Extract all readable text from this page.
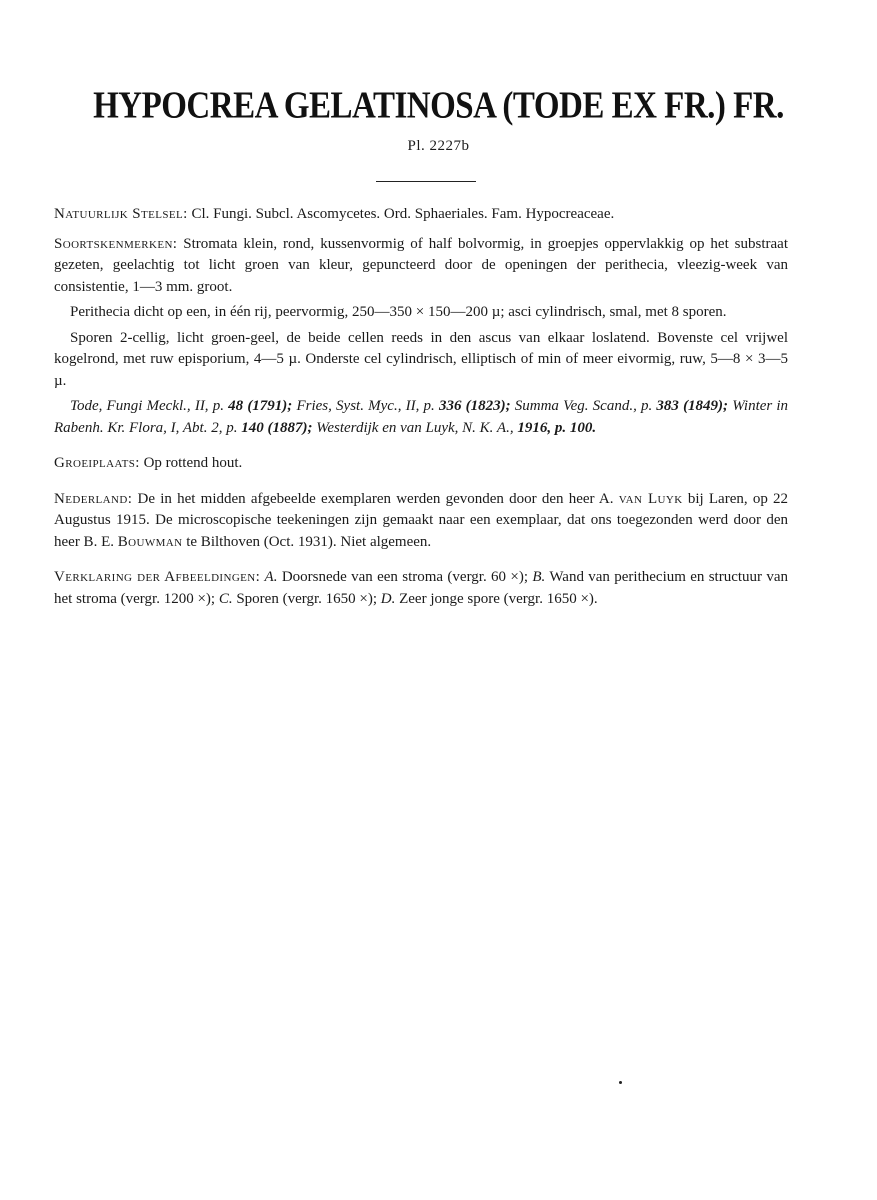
HYPOCREA GELATINOSA (TODE EX FR.) FR.
Pl. 2227b

Natuurlijk Stelsel: Cl. Fungi. Subcl. Ascomycetes. Ord. Sphaeriales. Fam. Hypocreaceae.

Soortskenmerken: Stromata klein, rond, kussenvormig of half bolvormig, in groepjes oppervlakkig op het substraat gezeten, geelachtig tot licht groen van kleur, gepuncteerd door de openingen der perithecia, vleezig-week van consistentie, 1—3 mm. groot.

Perithecia dicht op een, in één rij, peervormig, 250—350 × 150—200 µ; asci cylindrisch, smal, met 8 sporen.

Sporen 2-cellig, licht groen-geel, de beide cellen reeds in den ascus van elkaar loslatend. Bovenste cel vrijwel kogelrond, met ruw episporium, 4—5 µ. Onderste cel cylindrisch, elliptisch of min of meer eivormig, ruw, 5—8 × 3—5 µ.

Tode, Fungi Meckl., II, p. 48 (1791); Fries, Syst. Myc., II, p. 336 (1823); Summa Veg. Scand., p. 383 (1849); Winter in Rabenh. Kr. Flora, I, Abt. 2, p. 140 (1887); Westerdijk en van Luyk, N. K. A., 1916, p. 100.

Groeiplaats: Op rottend hout.

Nederland: De in het midden afgebeelde exemplaren werden gevonden door den heer A. van Luyk bij Laren, op 22 Augustus 1915. De microscopische teekeningen zijn gemaakt naar een exemplaar, dat ons toegezonden werd door den heer B. E. Bouwman te Bilthoven (Oct. 1931). Niet algemeen.

Verklaring der Afbeeldingen: A. Doorsnede van een stroma (vergr. 60 ×); B. Wand van perithecium en structuur van het stroma (vergr. 1200 ×); C. Sporen (vergr. 1650 ×); D. Zeer jonge spore (vergr. 1650 ×).
